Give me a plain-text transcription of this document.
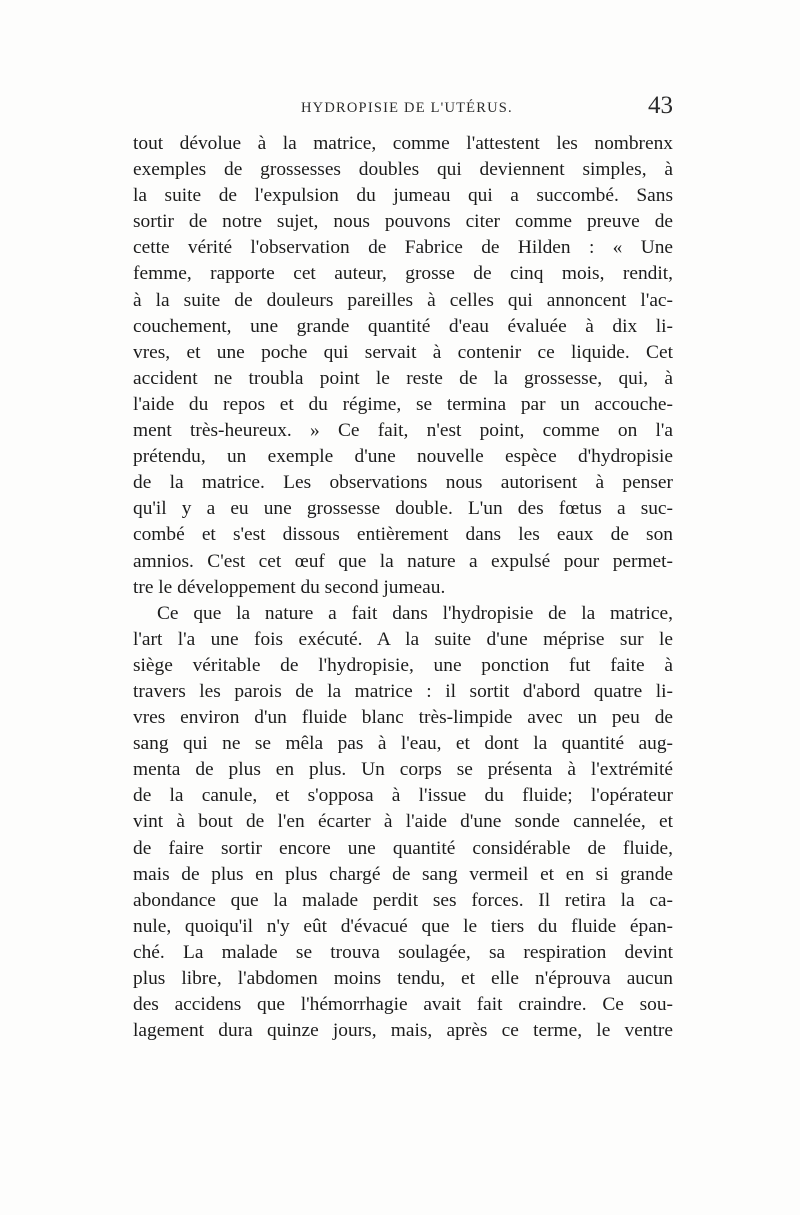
HYDROPISIE DE L'UTÉRUS.	43
tout dévolue à la matrice, comme l'attestent les nombrenx
exemples de grossesses doubles qui deviennent simples, à
la suite de l'expulsion du jumeau qui a succombé. Sans
sortir de notre sujet, nous pouvons citer comme preuve de
cette vérité l'observation de Fabrice de Hilden : « Une
femme, rapporte cet auteur, grosse de cinq mois, rendit,
à la suite de douleurs pareilles à celles qui annoncent l'ac-
couchement, une grande quantité d'eau évaluée à dix li-
vres, et une poche qui servait à contenir ce liquide. Cet
accident ne troubla point le reste de la grossesse, qui, à
l'aide du repos et du régime, se termina par un accouche-
ment très-heureux. » Ce fait, n'est point, comme on l'a
prétendu, un exemple d'une nouvelle espèce d'hydropisie
de la matrice. Les observations nous autorisent à penser
qu'il y a eu une grossesse double. L'un des fœtus a suc-
combé et s'est dissous entièrement dans les eaux de son
amnios. C'est cet œuf que la nature a expulsé pour permet-
tre le développement du second jumeau.
Ce que la nature a fait dans l'hydropisie de la matrice,
l'art l'a une fois exécuté. A la suite d'une méprise sur le
siège véritable de l'hydropisie, une ponction fut faite à
travers les parois de la matrice : il sortit d'abord quatre li-
vres environ d'un fluide blanc très-limpide avec un peu de
sang qui ne se mêla pas à l'eau, et dont la quantité aug-
menta de plus en plus. Un corps se présenta à l'extrémité
de la canule, et s'opposa à l'issue du fluide; l'opérateur
vint à bout de l'en écarter à l'aide d'une sonde cannelée, et
de faire sortir encore une quantité considérable de fluide,
mais de plus en plus chargé de sang vermeil et en si grande
abondance que la malade perdit ses forces. Il retira la ca-
nule, quoiqu'il n'y eût d'évacué que le tiers du fluide épan-
ché. La malade se trouva soulagée, sa respiration devint
plus libre, l'abdomen moins tendu, et elle n'éprouva aucun
des accidens que l'hémorrhagie avait fait craindre. Ce sou-
lagement dura quinze jours, mais, après ce terme, le ventre
